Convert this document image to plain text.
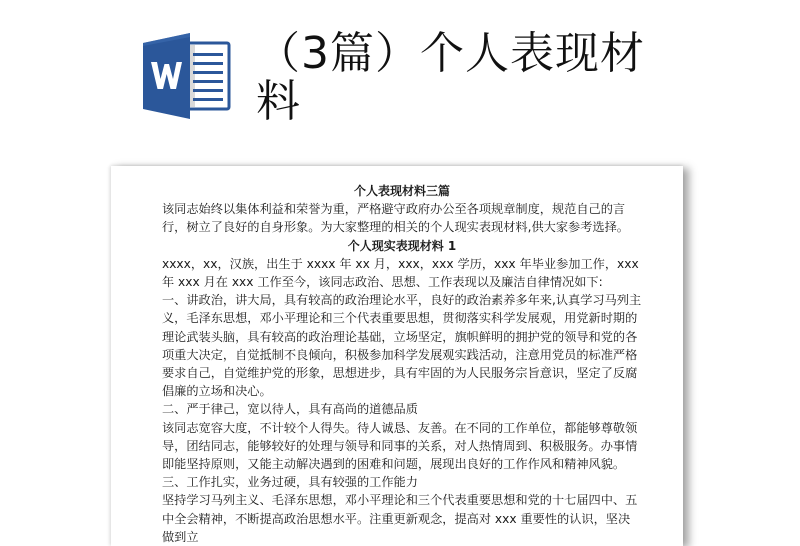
（3篇）个人表现材料

个人表现材料三篇

该同志始终以集体利益和荣誉为重，严格避守政府办公至各项规章制度，规范自己的言行，树立了良好的自身形象。为大家整理的相关的个人现实表现材料,供大家参考选择。

个人现实表现材料 1

xxxx，xx，汉族，出生于 xxxx 年 xx 月，xxx，xxx 学历，xxx 年毕业参加工作，xxx 年 xxx 月在 xxx 工作至今，该同志政治、思想、工作表现以及廉洁自律情况如下:

一、讲政治，讲大局，具有较高的政治理论水平，良好的政治素养多年来,认真学习马列主义，毛泽东思想，邓小平理论和三个代表重要思想，贯彻落实科学发展观，用党新时期的理论武装头脑，具有较高的政治理论基础，立场坚定，旗帜鲜明的拥护党的领导和党的各项重大决定，自觉抵制不良倾向，积极参加科学发展观实践活动，注意用党员的标准严格要求自己，自觉维护党的形象，思想进步，具有牢固的为人民服务宗旨意识，坚定了反腐倡廉的立场和决心。

二、严于律己，宽以待人，具有高尚的道德品质

该同志宽容大度，不计较个人得失。待人诚恳、友善。在不同的工作单位，都能够尊敬领导，团结同志，能够较好的处理与领导和同事的关系，对人热情周到、积极服务。办事情即能坚持原则，又能主动解决遇到的困难和问题，展现出良好的工作作风和精神风貌。

三、工作扎实，业务过硬，具有较强的工作能力

坚持学习马列主义、毛泽东思想，邓小平理论和三个代表重要思想和党的十七届四中、五中全会精神，不断提高政治思想水平。注重更新观念，提高对 xxx 重要性的认识，坚决做到立
